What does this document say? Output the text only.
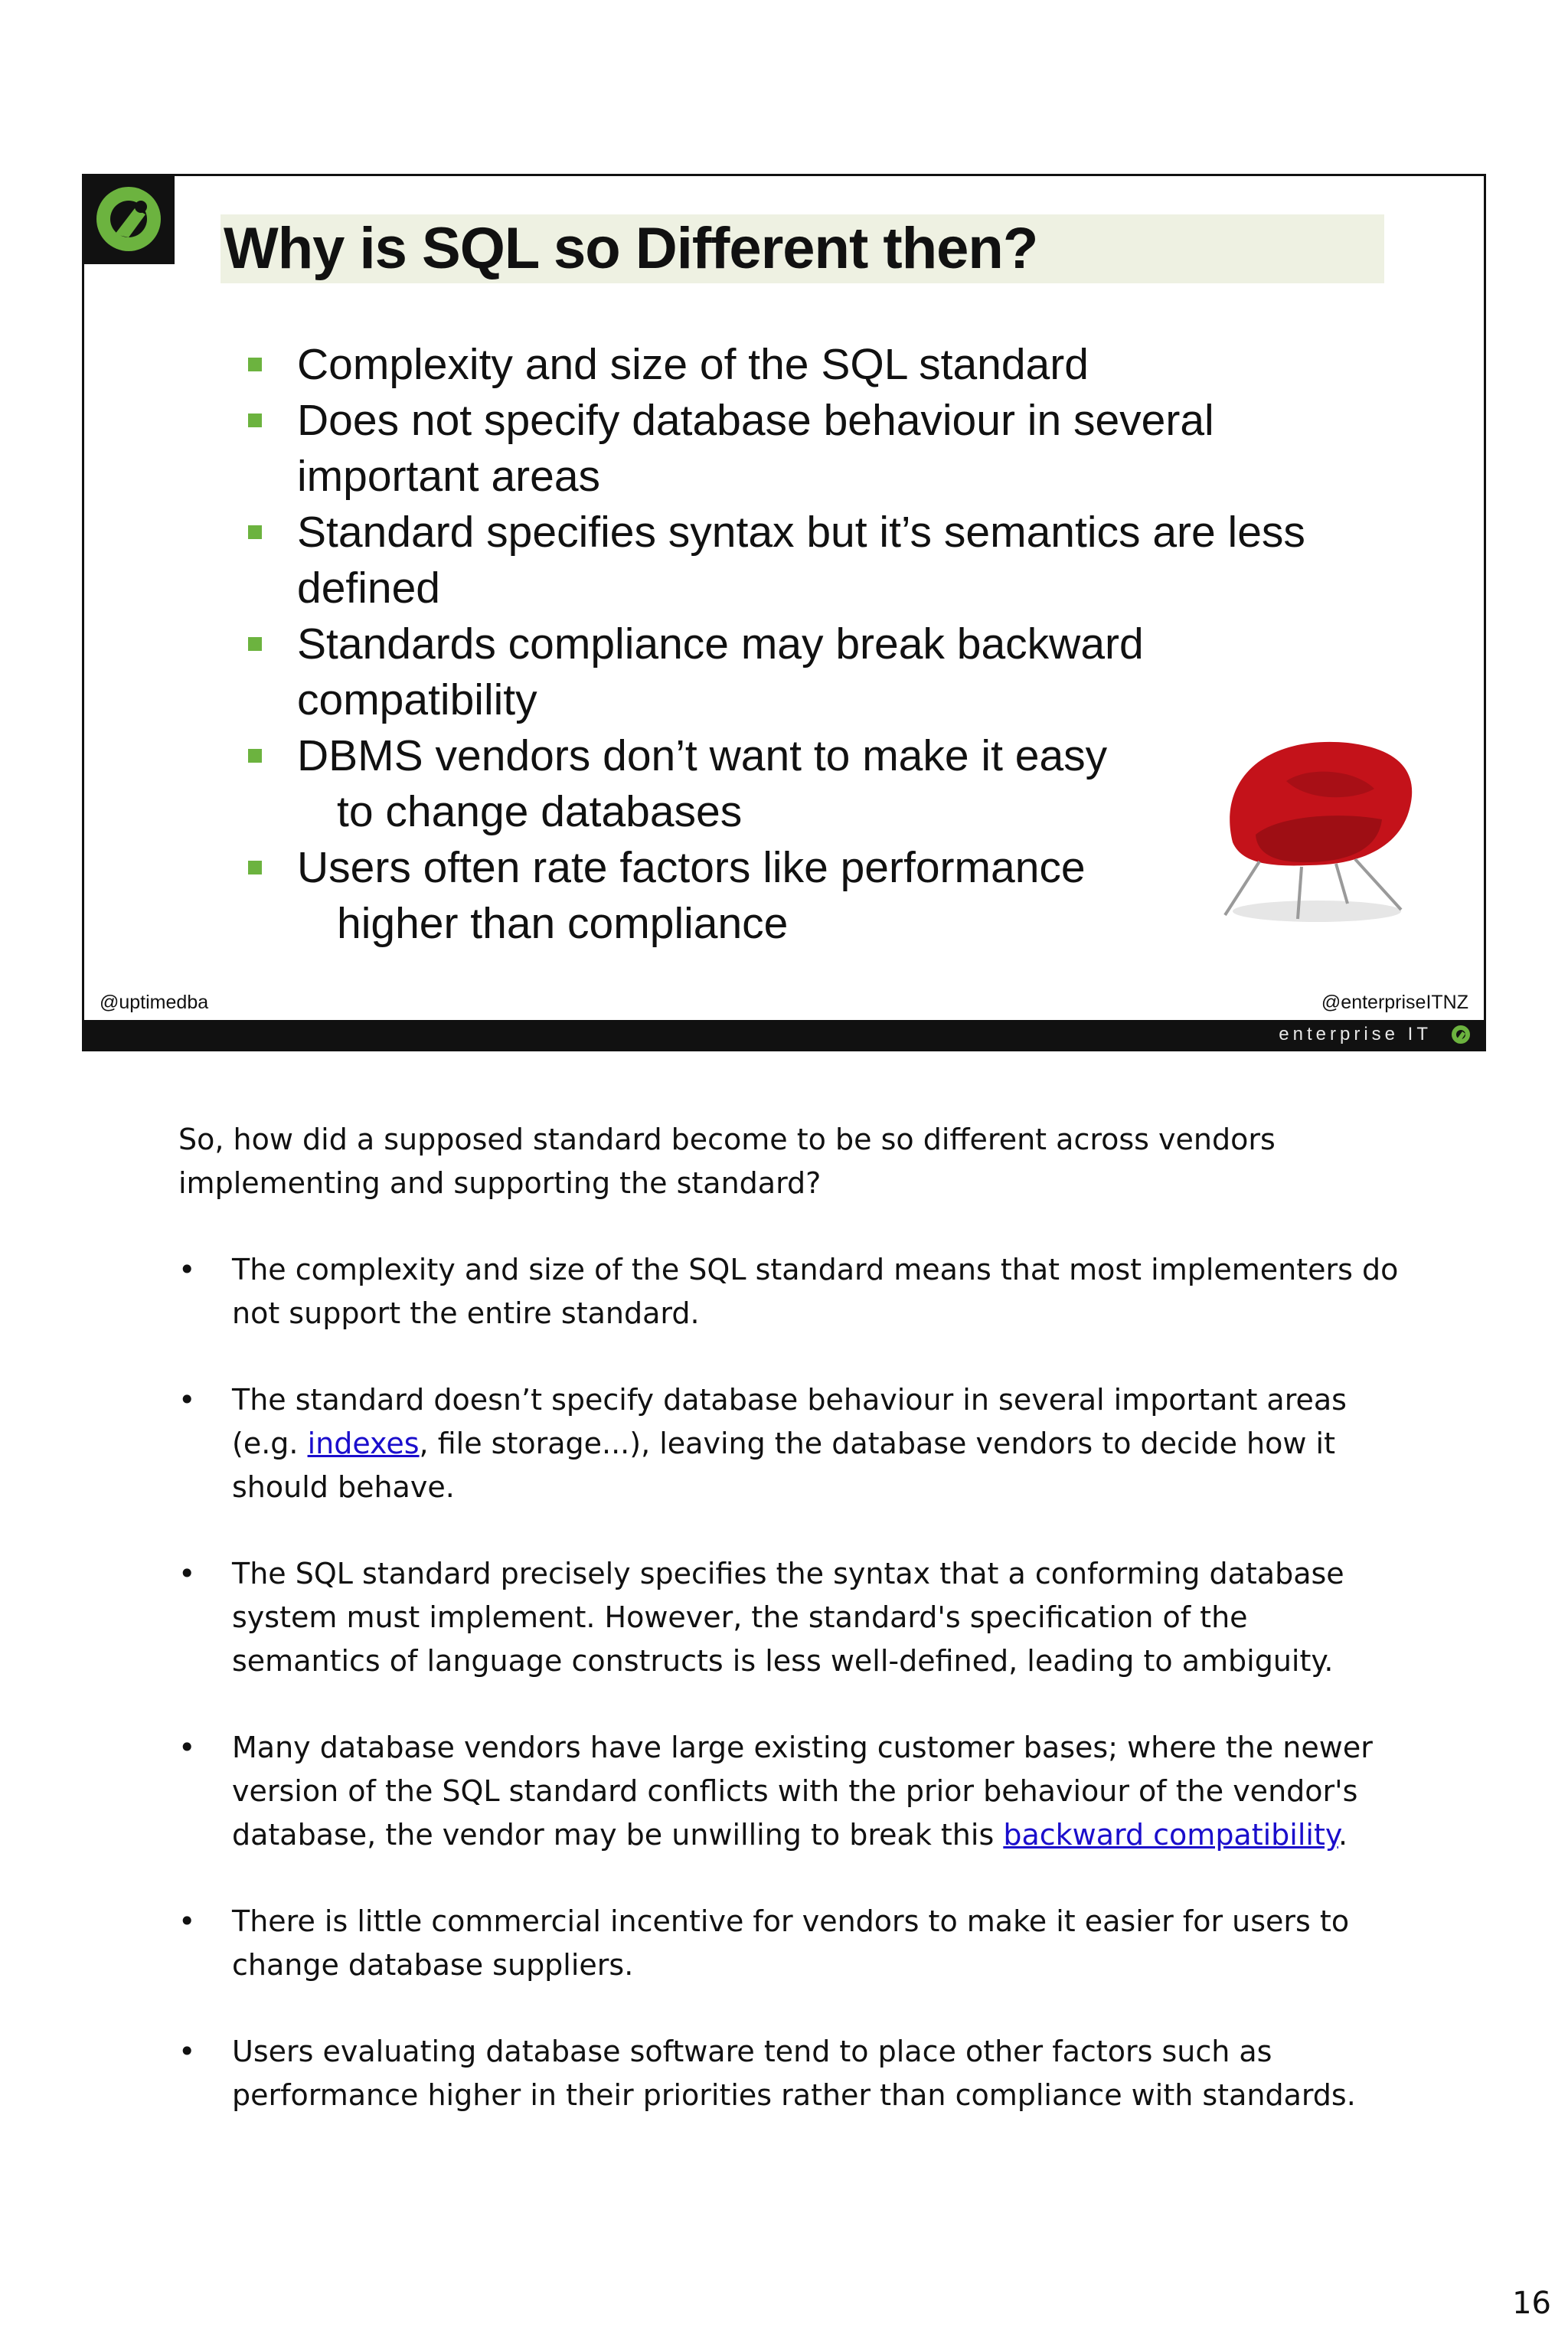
Why is SQL so Different then?
Complexity and size of the SQL standard
Does not specify database behaviour in several
important areas
Standard specifies syntax but it’s semantics are less
defined
Standards compliance may break backward
compatibility
DBMS vendors don’t want to make it easy
to change databases
Users often rate factors like performance
higher than compliance
@uptimedba	@enterpriseITNZ
enterprise IT

So, how did a supposed standard become to be so different across vendors implementing and supporting the standard?

• The complexity and size of the SQL standard means that most implementers do not support the entire standard.
• The standard doesn’t specify database behaviour in several important areas (e.g. indexes, file storage...), leaving the database vendors to decide how it should behave.
• The SQL standard precisely specifies the syntax that a conforming database system must implement. However, the standard's specification of the semantics of language constructs is less well-defined, leading to ambiguity.
• Many database vendors have large existing customer bases; where the newer version of the SQL standard conflicts with the prior behaviour of the vendor's database, the vendor may be unwilling to break this backward compatibility.
• There is little commercial incentive for vendors to make it easier for users to change database suppliers.
• Users evaluating database software tend to place other factors such as performance higher in their priorities rather than compliance with standards.
16
